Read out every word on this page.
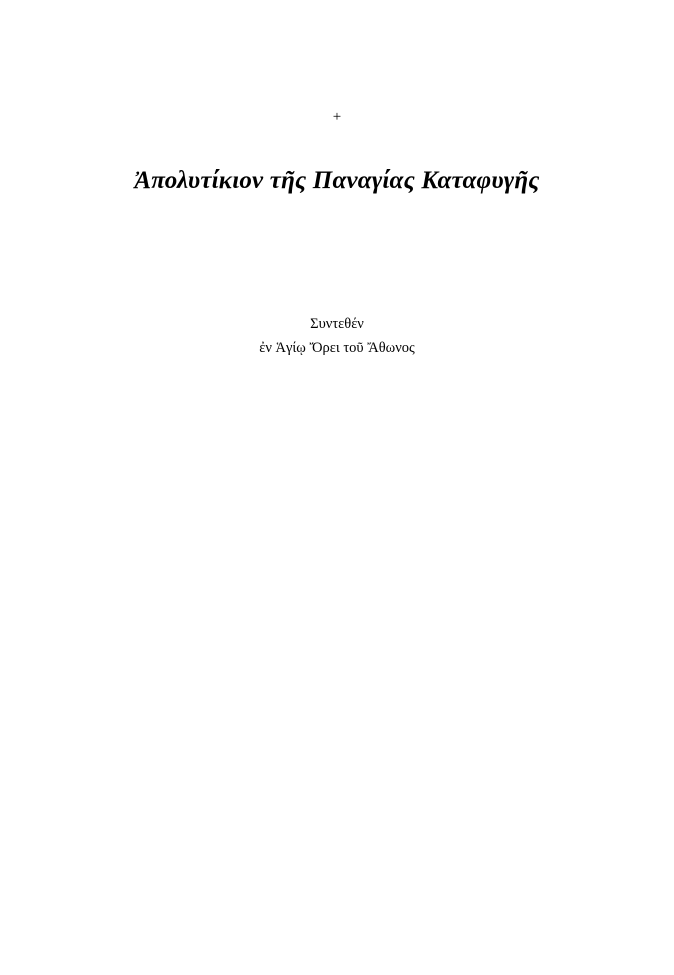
+
Ἀπολυτίκιον τῆς Παναγίας Καταφυγῆς
Συντεθέν
ἐν Ἁγίῳ Ὄρει τοῦ Ἄθωνος
